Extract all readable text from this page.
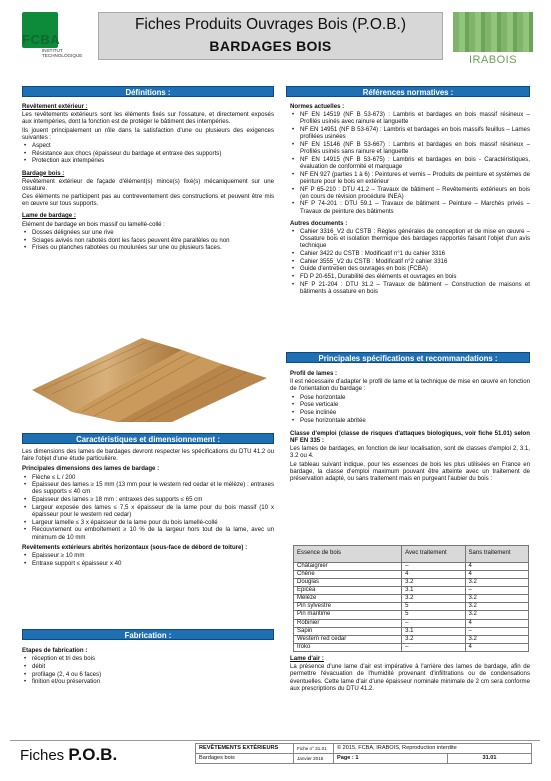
FCBA
INSTITUT TECHNOLOGIQUE
Fiches Produits Ouvrages Bois (P.O.B.)
BARDAGES BOIS
IRABOIS
Définitions :

Revêtement extérieur :

Les revêtements extérieurs sont les éléments fixés sur l'ossature, et directement exposés aux intempéries, dont la fonction est de protéger le bâtiment des intempéries.

Ils jouent principalement un rôle dans la satisfaction d'une ou plusieurs des exigences suivantes :

• Aspect
• Résistance aux chocs (épaisseur du bardage et entraxe des supports)
• Protection aux intempéries

Bardage bois :

Revêtement extérieur de façade d'élément(s) mince(s) fixé(s) mécaniquement sur une ossature.

Ces éléments ne participent pas au contreventement des constructions et peuvent être mis en œuvre sur tous supports.

Lame de bardage :

Elément de bardage en bois massif ou lamellé-collé :

• Dosses délignées sur une rive
• Sciages avivés non rabotés dont les faces peuvent être parallèles ou non
• Frises ou planches rabotées ou moulurées sur une ou plusieurs faces.
Caractéristiques et dimensionnement :

Les dimensions des lames de bardages devront respecter les spécifications du DTU 41.2 ou faire l'objet d'une étude particulière.

Principales dimensions des lames de bardage :

• Flèche ≤ L / 200
• Epaisseur des lames ≥ 15 mm (13 mm pour le western red cedar et le mélèze) : entraxes des supports ≤ 40 cm
• Epaisseur des lames ≥ 18 mm : entraxes des supports ≤ 65 cm
• Largeur exposée des lames ≤ 7,5 x épaisseur de la lame pour du bois massif (10 x épaisseur pour le western red cedar)
• Largeur lamelle ≤ 3 x épaisseur de la lame pour du bois lamellé-collé
• Recouvrement ou emboîtement ≥ 10 % de la largeur hors tout de la lame, avec un minimum de 10 mm

Revêtements extérieurs abrités horizontaux (sous-face de débord de toiture) :

• Epaisseur ≥ 10 mm
• Entraxe support ≤ épaisseur x 40
Fabrication :

Etapes de fabrication :

• réception et tri des bois
• débit
• profilage (2, 4 ou 6 faces)
• finition et/ou préservation
Références normatives :

Normes actuelles :

• NF EN 14519 (NF B 53-673) : Lambris et bardages en bois massif résineux – Profilés usinés avec rainure et languette
• NF EN 14951 (NF B 53-674) : Lambris et bardages en bois massifs feuillus – Lames profilées usinées
• NF EN 15146 (NF B 53-667) : Lambris et bardages en bois massif résineux – Profilés usinés sans rainure et languette
• NF EN 14915 (NF B 53-675) : Lambris et bardages en bois - Caractéristiques, évaluation de conformité et marquage
• NF EN 927 (parties 1 à 6) : Peintures et vernis – Produits de peinture et systèmes de peinture pour le bois en extérieur
• NF P 65-210 : DTU 41.2 – Travaux de bâtiment – Revêtements extérieurs en bois (en cours de révision procédure INEA)
• NF P 74-201 : DTU 59.1 – Travaux de bâtiment – Peinture – Marchés privés – Travaux de peinture des bâtiments

Autres documents :

• Cahier 3316_V2 du CSTB : Règles générales de conception et de mise en œuvre – Ossature bois et isolation thermique des bardages rapportés faisant l'objet d'un avis technique
• Cahier 3422 du CSTB : Modificatif n°1 du cahier 3316
• Cahier 3555_V2 du CSTB : Modificatif n°2 cahier 3316
• Guide d'entretien des ouvrages en bois (FCBA)
• FD P 20-651, Durabilité des éléments et ouvrages en bois
• NF P 21-204 : DTU 31.2 – Travaux de bâtiment – Construction de maisons et bâtiments à ossature en bois
Principales spécifications et recommandations :

Profil de lames :

Il est nécessaire d'adapter le profil de lame et la technique de mise en œuvre en fonction de l'orientation du bardage :

• Pose horizontale
• Pose verticale
• Pose inclinée
• Pose horizontale abritée

Classe d'emploi (classe de risques d'attaques biologiques, voir fiche 51.01) selon NF EN 335 :

Les lames de bardages, en fonction de leur localisation, sont de classes d'emploi 2, 3.1, 3.2 ou 4.

Le tableau suivant indique, pour les essences de bois les plus utilisées en France en bardage, la classe d'emploi maximum pouvant être atteinte avec un traitement de préservation adapté, ou sans traitement mais en purgeant l'aubier du bois :

Essence de bois	Avec traitement	Sans traitement
Châtaignier	–	4
Chêne	4	4
Douglas	3.2	3.2
Epicéa	3.1	–
Mélèze	3.2	3.2
Pin sylvestre	5	3.2
Pin maritime	5	3.2
Robinier	–	4
Sapin	3.1	–
Western red cedar	3.2	3.2
Iroko	–	4

Lame d'air :

La présence d'une lame d'air est impérative à l'arrière des lames de bardage, afin de permettre l'évacuation de l'humidité provenant d'infiltrations ou de condensations éventuelles. Cette lame d'air d'une épaisseur nominale minimale de 2 cm sera conforme aux prescriptions du DTU 41.2.

Fiches P.O.B.	REVÊTEMENTS EXTÉRIEURS	Fiche n° 31.01	© 2015, FCBA, IRABOIS, Reproduction interdite	
Bardages bois	Janvier 2015	Page : 1	31.01
